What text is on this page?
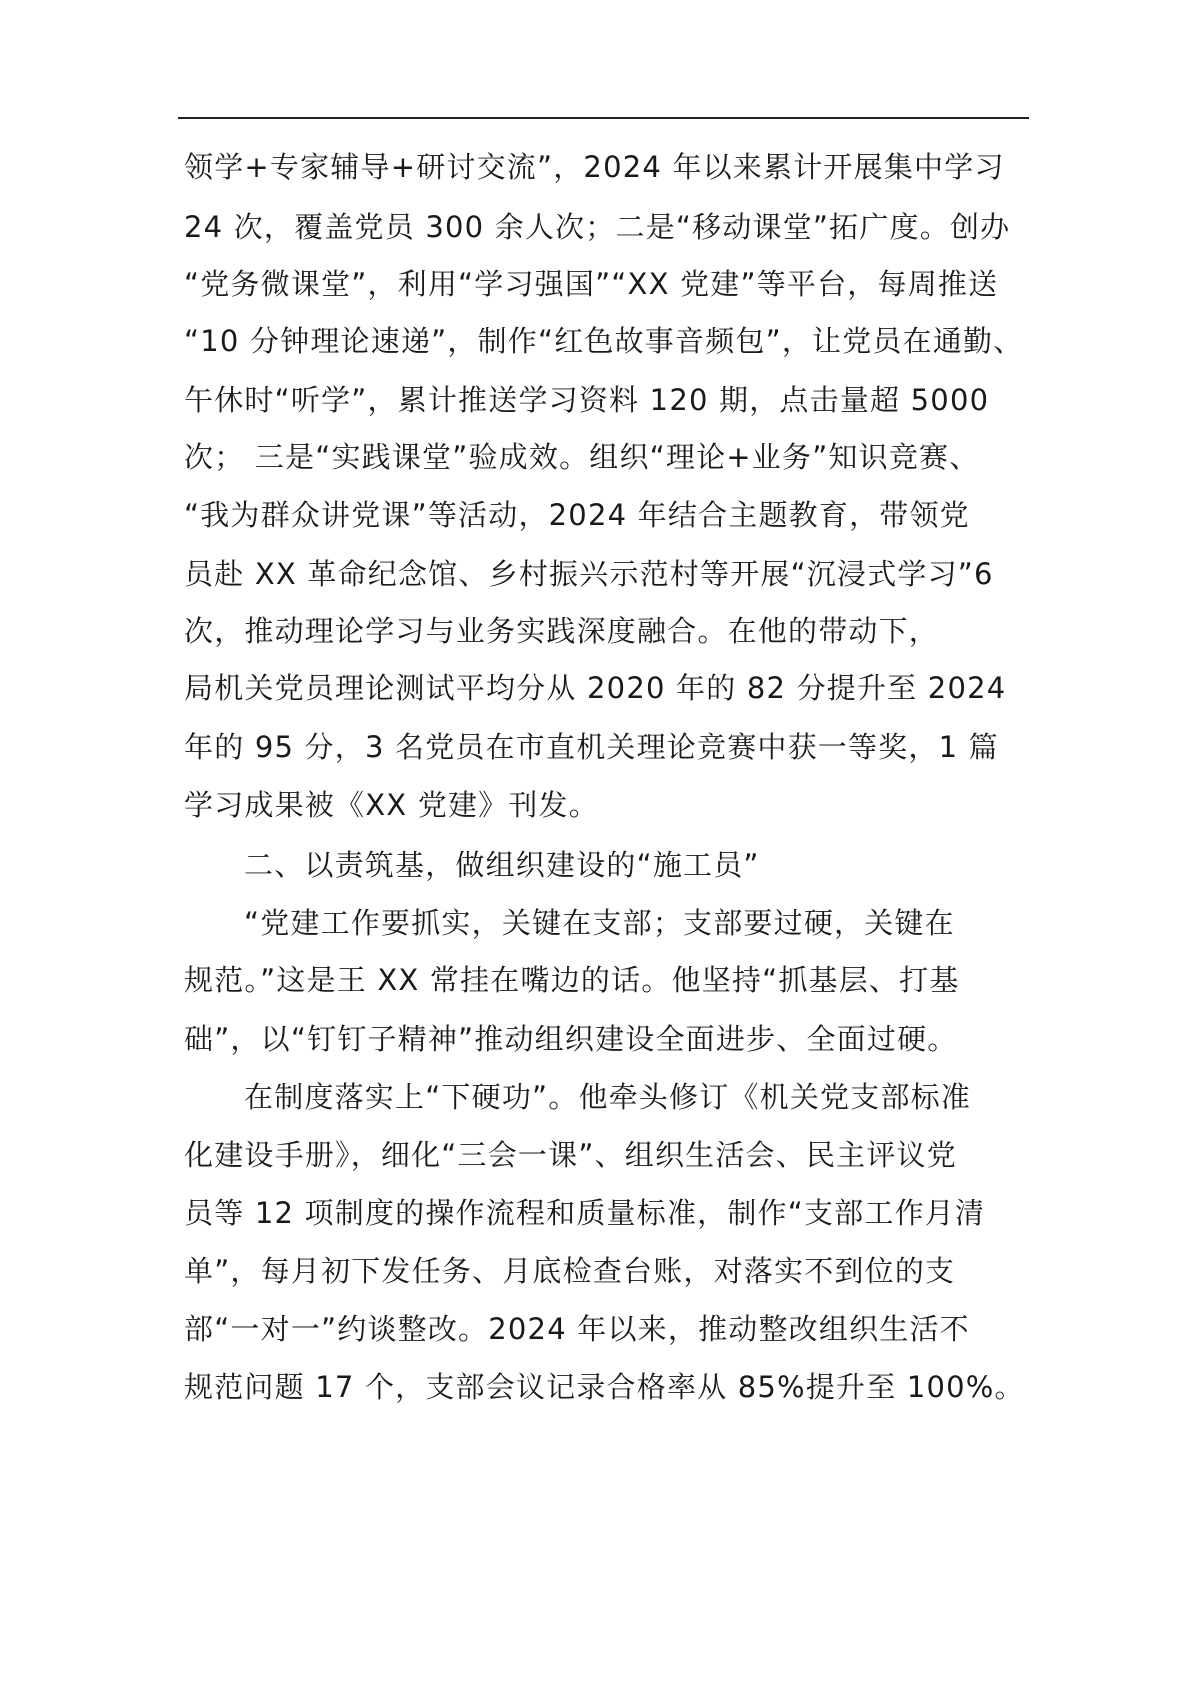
领学+专家辅导+研讨交流”，2024 年以来累计开展集中学习
24 次，覆盖党员 300 余人次；二是“移动课堂”拓广度。创办
“党务微课堂”，利用“学习强国”“XX 党建”等平台，每周推送
“10 分钟理论速递”，制作“红色故事音频包”，让党员在通勤、
午休时“听学”，累计推送学习资料 120 期，点击量超 5000
次； 三是“实践课堂”验成效。组织“理论+业务”知识竞赛、
“我为群众讲党课”等活动，2024 年结合主题教育，带领党
员赴 XX 革命纪念馆、乡村振兴示范村等开展“沉浸式学习”6
次，推动理论学习与业务实践深度融合。在他的带动下，
局机关党员理论测试平均分从 2020 年的 82 分提升至 2024
年的 95 分，3 名党员在市直机关理论竞赛中获一等奖，1 篇
学习成果被《XX 党建》刊发。
二、以责筑基，做组织建设的“施工员”
“党建工作要抓实，关键在支部；支部要过硬，关键在
规范。”这是王 XX 常挂在嘴边的话。他坚持“抓基层、打基
础”，以“钉钉子精神”推动组织建设全面进步、全面过硬。
在制度落实上“下硬功”。他牵头修订《机关党支部标准
化建设手册》，细化“三会一课”、组织生活会、民主评议党
员等 12 项制度的操作流程和质量标准，制作“支部工作月清
单”，每月初下发任务、月底检查台账，对落实不到位的支
部“一对一”约谈整改。2024 年以来，推动整改组织生活不
规范问题 17 个，支部会议记录合格率从 85%提升至 100%。
